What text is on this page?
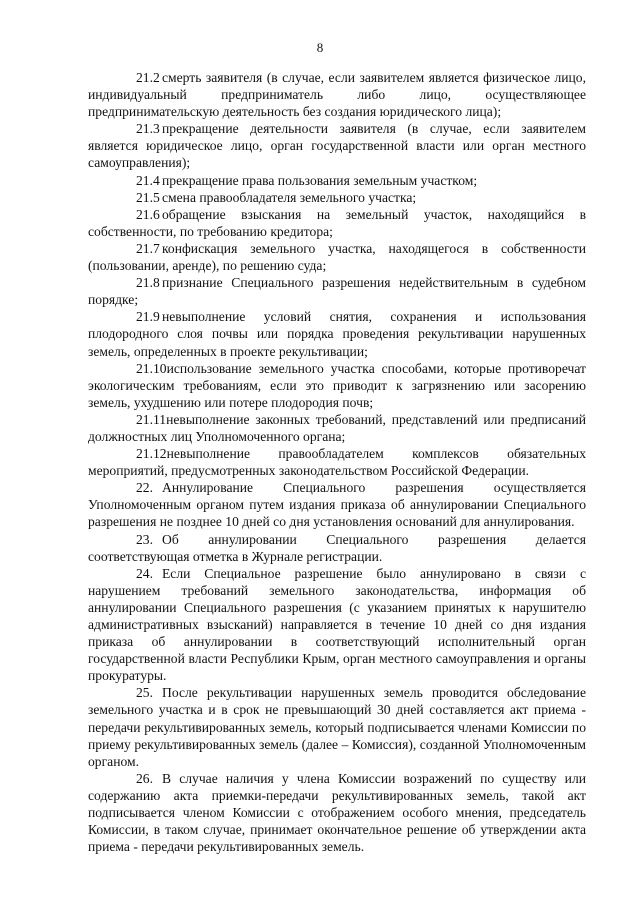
8

21.2 смерть заявителя (в случае, если заявителем является физическое лицо, индивидуальный предприниматель либо лицо, осуществляющее предпринимательскую деятельность без создания юридического лица);

21.3 прекращение деятельности заявителя (в случае, если заявителем является юридическое лицо, орган государственной власти или орган местного самоуправления);

21.4 прекращение права пользования земельным участком;

21.5 смена правообладателя земельного участка;

21.6 обращение взыскания на земельный участок, находящийся в собственности, по требованию кредитора;

21.7 конфискация земельного участка, находящегося в собственности (пользовании, аренде), по решению суда;

21.8 признание Специального разрешения недействительным в судебном порядке;

21.9 невыполнение условий снятия, сохранения и использования плодородного слоя почвы или порядка проведения рекультивации нарушенных земель, определенных в проекте рекультивации;

21.10использование земельного участка способами, которые противоречат экологическим требованиям, если это приводит к загрязнению или засорению земель, ухудшению или потере плодородия почв;

21.11невыполнение законных требований, представлений или предписаний должностных лиц Уполномоченного органа;

21.12невыполнение правообладателем комплексов обязательных мероприятий, предусмотренных законодательством Российской Федерации.

22. Аннулирование Специального разрешения осуществляется Уполномоченным органом путем издания приказа об аннулировании Специального разрешения не позднее 10 дней со дня установления оснований для аннулирования.

23. Об аннулировании Специального разрешения делается соответствующая отметка в Журнале регистрации.

24. Если Специальное разрешение было аннулировано в связи с нарушением требований земельного законодательства, информация об аннулировании Специального разрешения (с указанием принятых к нарушителю административных взысканий) направляется в течение 10 дней со дня издания приказа об аннулировании в соответствующий исполнительный орган государственной власти Республики Крым, орган местного самоуправления и органы прокуратуры.

25. После рекультивации нарушенных земель проводится обследование земельного участка и в срок не превышающий 30 дней составляется акт приема - передачи рекультивированных земель, который подписывается членами Комиссии по приему рекультивированных земель (далее – Комиссия), созданной Уполномоченным органом.

26. В случае наличия у члена Комиссии возражений по существу или содержанию акта приемки-передачи рекультивированных земель, такой акт подписывается членом Комиссии с отображением особого мнения, председатель Комиссии, в таком случае, принимает окончательное решение об утверждении акта приема - передачи рекультивированных земель.
